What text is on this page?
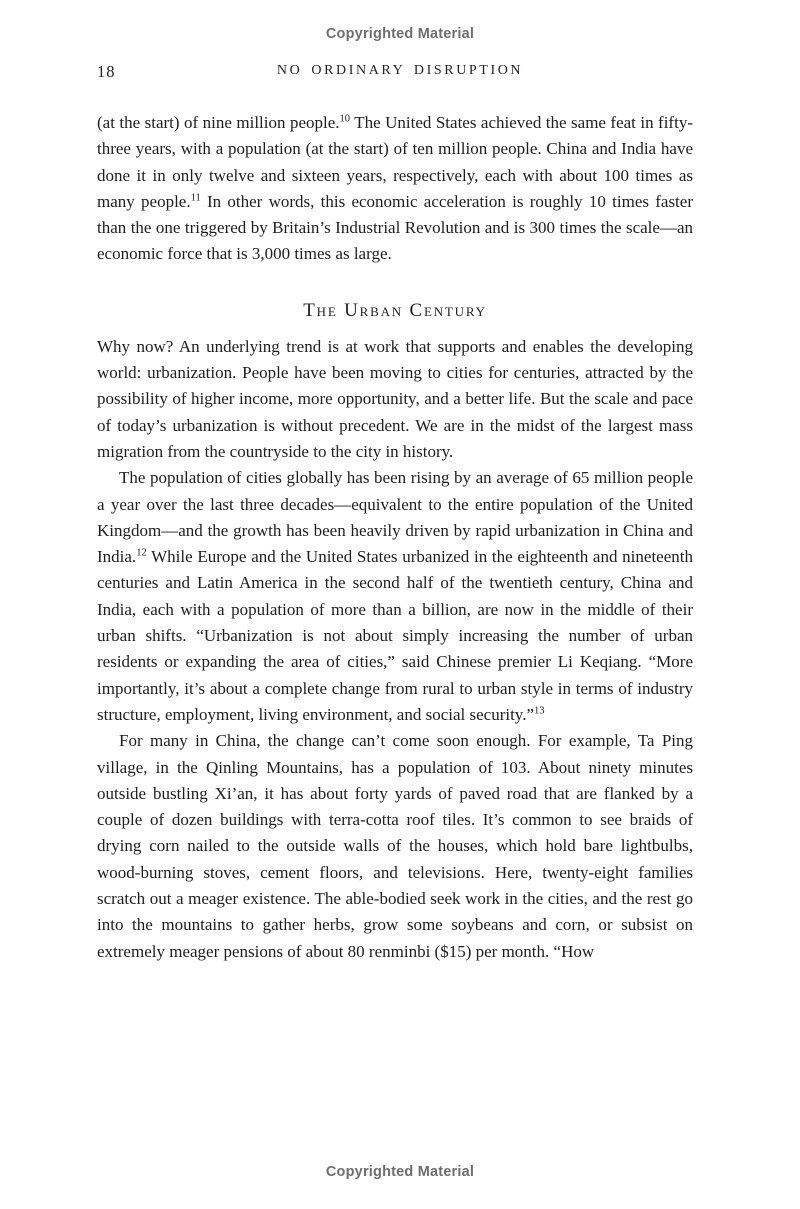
Copyrighted Material
18	NO ORDINARY DISRUPTION

(at the start) of nine million people.$^{10}$ The United States achieved the same feat in fifty-three years, with a population (at the start) of ten million people. China and India have done it in only twelve and sixteen years, respectively, each with about 100 times as many people.$^{11}$ In other words, this economic acceleration is roughly 10 times faster than the one triggered by Britain’s Industrial Revolution and is 300 times the scale—an economic force that is 3,000 times as large.

The Urban Century

Why now? An underlying trend is at work that supports and enables the developing world: urbanization. People have been moving to cities for centuries, attracted by the possibility of higher income, more opportunity, and a better life. But the scale and pace of today’s urbanization is without precedent. We are in the midst of the largest mass migration from the countryside to the city in history.

The population of cities globally has been rising by an average of 65 million people a year over the last three decades—equivalent to the entire population of the United Kingdom—and the growth has been heavily driven by rapid urbanization in China and India.$^{12}$ While Europe and the United States urbanized in the eighteenth and nineteenth centuries and Latin America in the second half of the twentieth century, China and India, each with a population of more than a billion, are now in the middle of their urban shifts. “Urbanization is not about simply increasing the number of urban residents or expanding the area of cities,” said Chinese premier Li Keqiang. “More importantly, it’s about a complete change from rural to urban style in terms of industry structure, employment, living environment, and social security.”$^{13}$

For many in China, the change can’t come soon enough. For example, Ta Ping village, in the Qinling Mountains, has a population of 103. About ninety minutes outside bustling Xi’an, it has about forty yards of paved road that are flanked by a couple of dozen buildings with terra-cotta roof tiles. It’s common to see braids of drying corn nailed to the outside walls of the houses, which hold bare lightbulbs, wood-burning stoves, cement floors, and televisions. Here, twenty-eight families scratch out a meager existence. The able-bodied seek work in the cities, and the rest go into the mountains to gather herbs, grow some soybeans and corn, or subsist on extremely meager pensions of about 80 renminbi ($15) per month. “How

Copyrighted Material
